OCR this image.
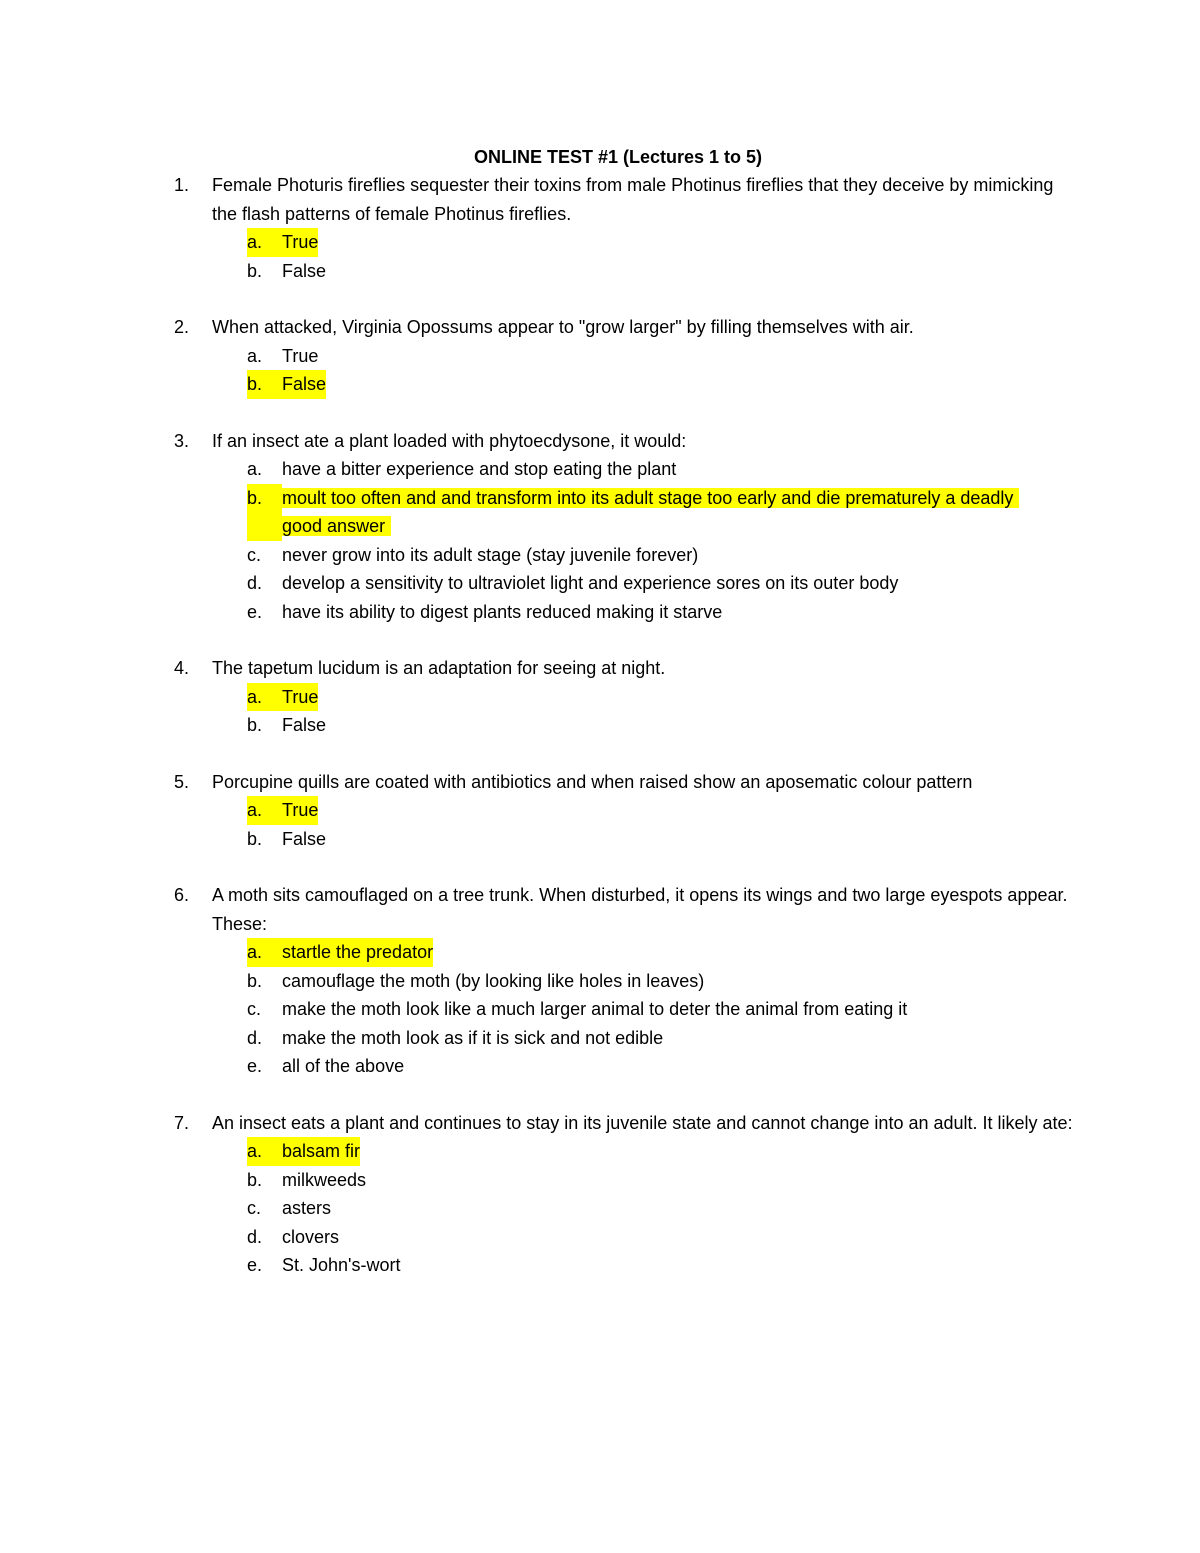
ONLINE TEST #1 (Lectures 1 to 5)
1.	Female Photuris fireflies sequester their toxins from male Photinus fireflies that they deceive by mimicking the flash patterns of female Photinus fireflies.
a.	True
b.	False
2.	When attacked, Virginia Opossums appear to "grow larger" by filling themselves with air.
a.	True
b.	False
3.	If an insect ate a plant loaded with phytoecdysone, it would:
a.	have a bitter experience and stop eating the plant
b.	moult too often and and transform into its adult stage too early and die prematurely a deadly good answer
c.	never grow into its adult stage (stay juvenile forever)
d.	develop a sensitivity to ultraviolet light and experience sores on its outer body
e.	have its ability to digest plants reduced making it starve
4.	The tapetum lucidum is an adaptation for seeing at night.
a.	True
b.	False
5.	Porcupine quills are coated with antibiotics and when raised show an aposematic colour pattern
a.	True
b.	False
6.	A moth sits camouflaged on a tree trunk. When disturbed, it opens its wings and two large eyespots appear. These:
a.	startle the predator
b.	camouflage the moth (by looking like holes in leaves)
c.	make the moth look like a much larger animal to deter the animal from eating it
d.	make the moth look as if it is sick and not edible
e.	all of the above
7.	An insect eats a plant and continues to stay in its juvenile state and cannot change into an adult. It likely ate:
a.	balsam fir
b.	milkweeds
c.	asters
d.	clovers
e.	St. John's-wort
